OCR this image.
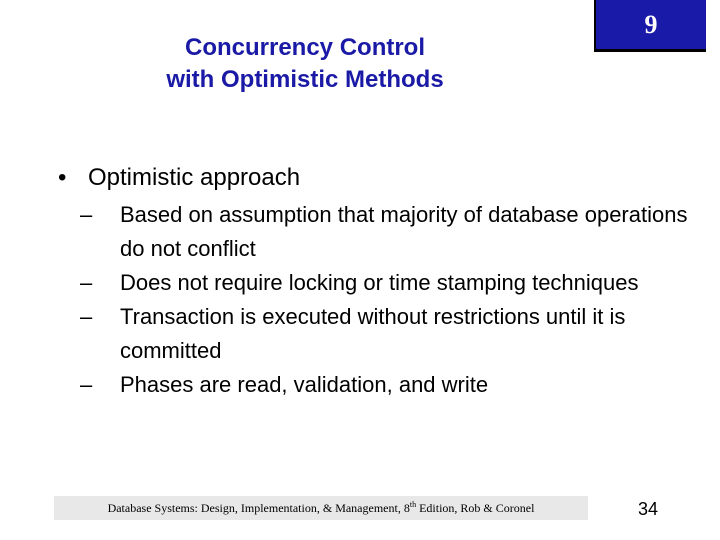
Concurrency Control
with Optimistic Methods
9
• Optimistic approach
–	Based on assumption that majority of database operations do not conflict
–	Does not require locking or time stamping techniques
–	Transaction is executed without restrictions until it is committed
–	Phases are read, validation, and write
Database Systems: Design, Implementation, & Management, 8th Edition, Rob & Coronel	34
